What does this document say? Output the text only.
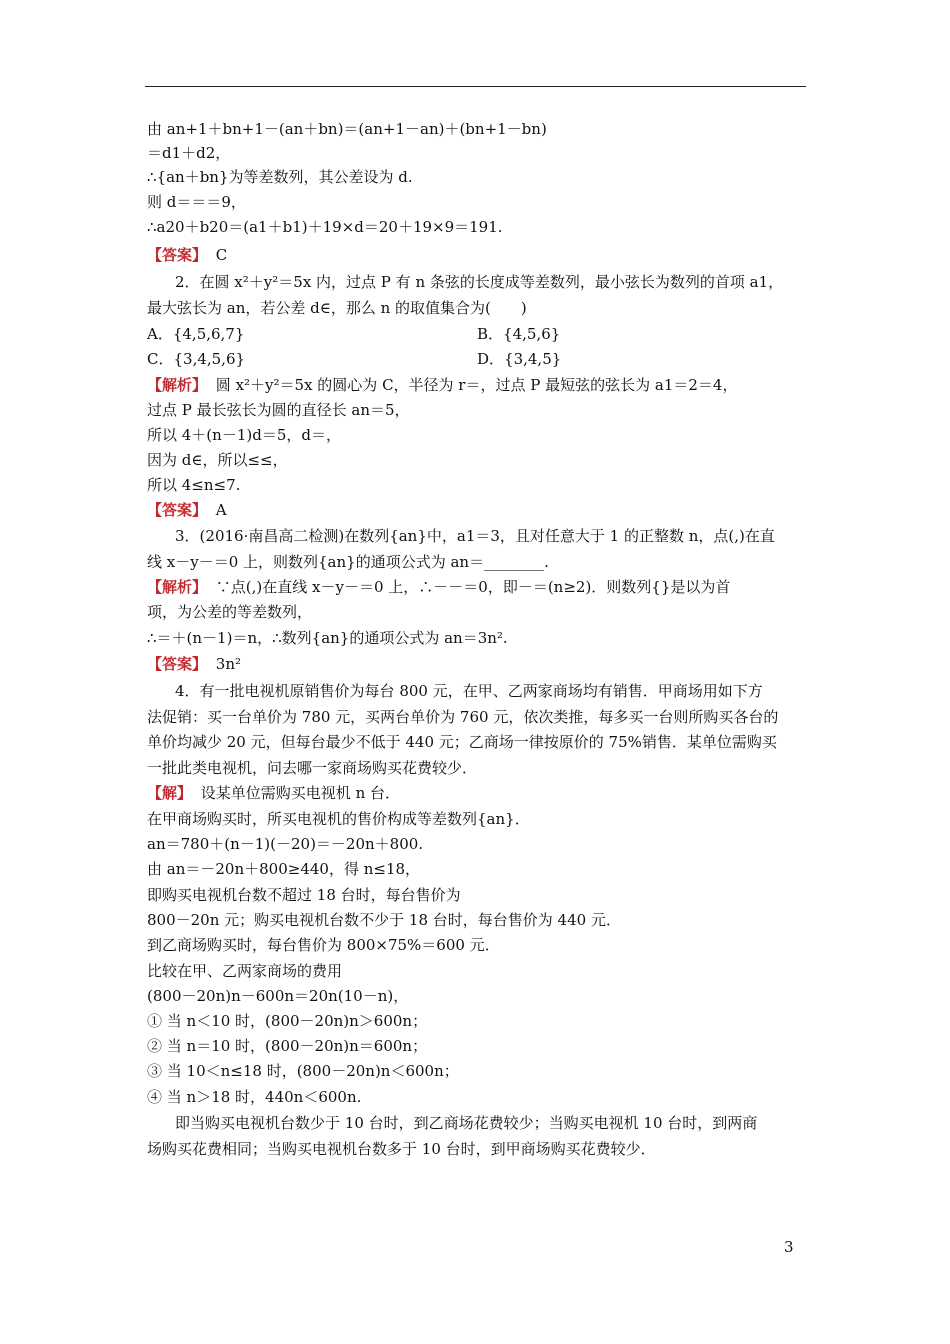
由 an+1＋bn+1－(an＋bn)＝(an+1－an)＋(bn+1－bn)
＝d1＋d2，
∴{an＋bn}为等差数列，其公差设为 d.
则 d＝＝＝9，
∴a20＋b20＝(a1＋b1)＋19×d＝20＋19×9＝191.
【答案】 C
2．在圆 x²＋y²＝5x 内，过点 P 有 n 条弦的长度成等差数列，最小弦长为数列的首项 a1，
最大弦长为 an，若公差 d∈，那么 n 的取值集合为(　　)
A．{4,5,6,7}	B．{4,5,6}
C．{3,4,5,6}	D．{3,4,5}
【解析】 圆 x²＋y²＝5x 的圆心为 C，半径为 r＝，过点 P 最短弦的弦长为 a1＝2＝4，
过点 P 最长弦长为圆的直径长 an＝5，
所以 4＋(n－1)d＝5，d＝，
因为 d∈，所以≤≤，
所以 4≤n≤7.
【答案】 A
3．(2016·南昌高二检测)在数列{an}中，a1＝3，且对任意大于 1 的正整数 n，点(,)在直
线 x－y－＝0 上，则数列{an}的通项公式为 an＝________.
【解析】 ∵点(,)在直线 x－y－＝0 上，∴－－＝0，即－＝(n≥2)．则数列{}是以为首
项，为公差的等差数列，
∴＝＋(n－1)＝n，∴数列{an}的通项公式为 an＝3n².
【答案】 3n²
4．有一批电视机原销售价为每台 800 元，在甲、乙两家商场均有销售．甲商场用如下方
法促销：买一台单价为 780 元，买两台单价为 760 元，依次类推，每多买一台则所购买各台的
单价均减少 20 元，但每台最少不低于 440 元；乙商场一律按原价的 75%销售．某单位需购买
一批此类电视机，问去哪一家商场购买花费较少．
【解】 设某单位需购买电视机 n 台．
在甲商场购买时，所买电视机的售价构成等差数列{an}．
an＝780＋(n－1)(－20)＝－20n＋800.
由 an＝－20n＋800≥440，得 n≤18，
即购买电视机台数不超过 18 台时，每台售价为
800－20n 元；购买电视机台数不少于 18 台时，每台售价为 440 元．
到乙商场购买时，每台售价为 800×75%＝600 元．
比较在甲、乙两家商场的费用
(800－20n)n－600n＝20n(10－n)，
① 当 n＜10 时，(800－20n)n＞600n；
② 当 n＝10 时，(800－20n)n＝600n；
③ 当 10＜n≤18 时，(800－20n)n＜600n；
④ 当 n＞18 时，440n＜600n.
即当购买电视机台数少于 10 台时，到乙商场花费较少；当购买电视机 10 台时，到两商
场购买花费相同；当购买电视机台数多于 10 台时，到甲商场购买花费较少．
3
